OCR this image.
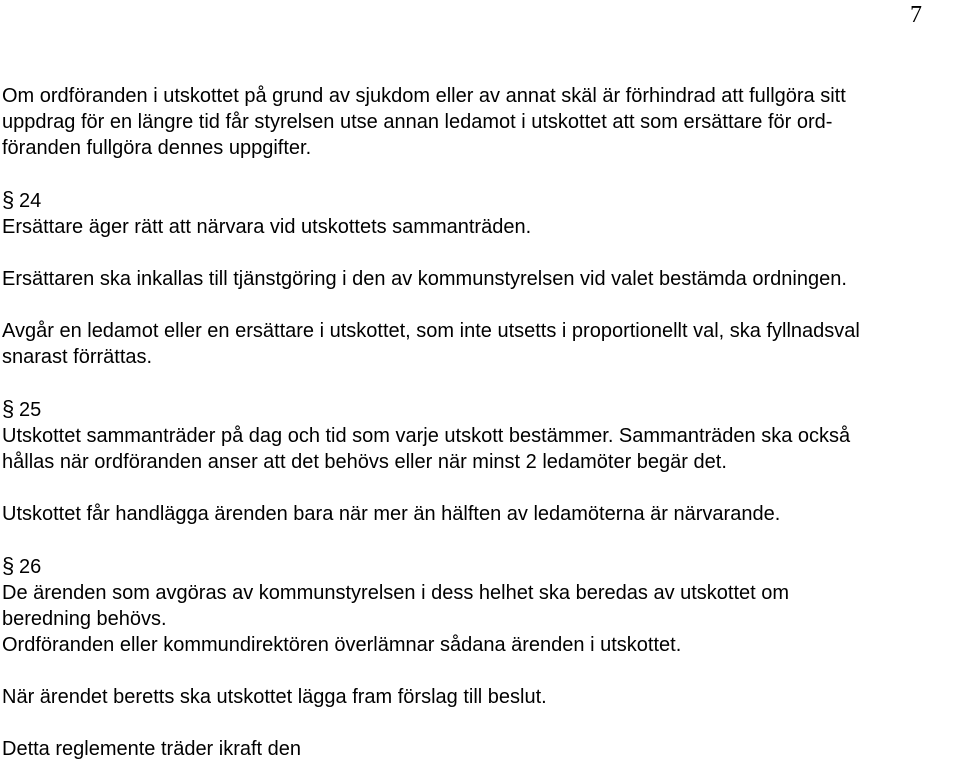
7
Om ordföranden i utskottet på grund av sjukdom eller av annat skäl är förhindrad att fullgöra sitt
uppdrag för en längre tid får styrelsen utse annan ledamot i utskottet att som ersättare för ord-
föranden fullgöra dennes uppgifter.
§ 24
Ersättare äger rätt att närvara vid utskottets sammanträden.
Ersättaren ska inkallas till tjänstgöring i den av kommunstyrelsen vid valet bestämda ordningen.
Avgår en ledamot eller en ersättare i utskottet, som inte utsetts i proportionellt val, ska fyllnadsval
snarast förrättas.
§ 25
Utskottet sammanträder på dag och tid som varje utskott bestämmer. Sammanträden ska också
hållas när ordföranden anser att det behövs eller när minst 2 ledamöter begär det.
Utskottet får handlägga ärenden bara när mer än hälften av ledamöterna är närvarande.
§ 26
De ärenden som avgöras av kommunstyrelsen i dess helhet ska beredas av utskottet om
beredning behövs.
Ordföranden eller kommundirektören överlämnar sådana ärenden i utskottet.
När ärendet beretts ska utskottet lägga fram förslag till beslut.
Detta reglemente träder ikraft den
